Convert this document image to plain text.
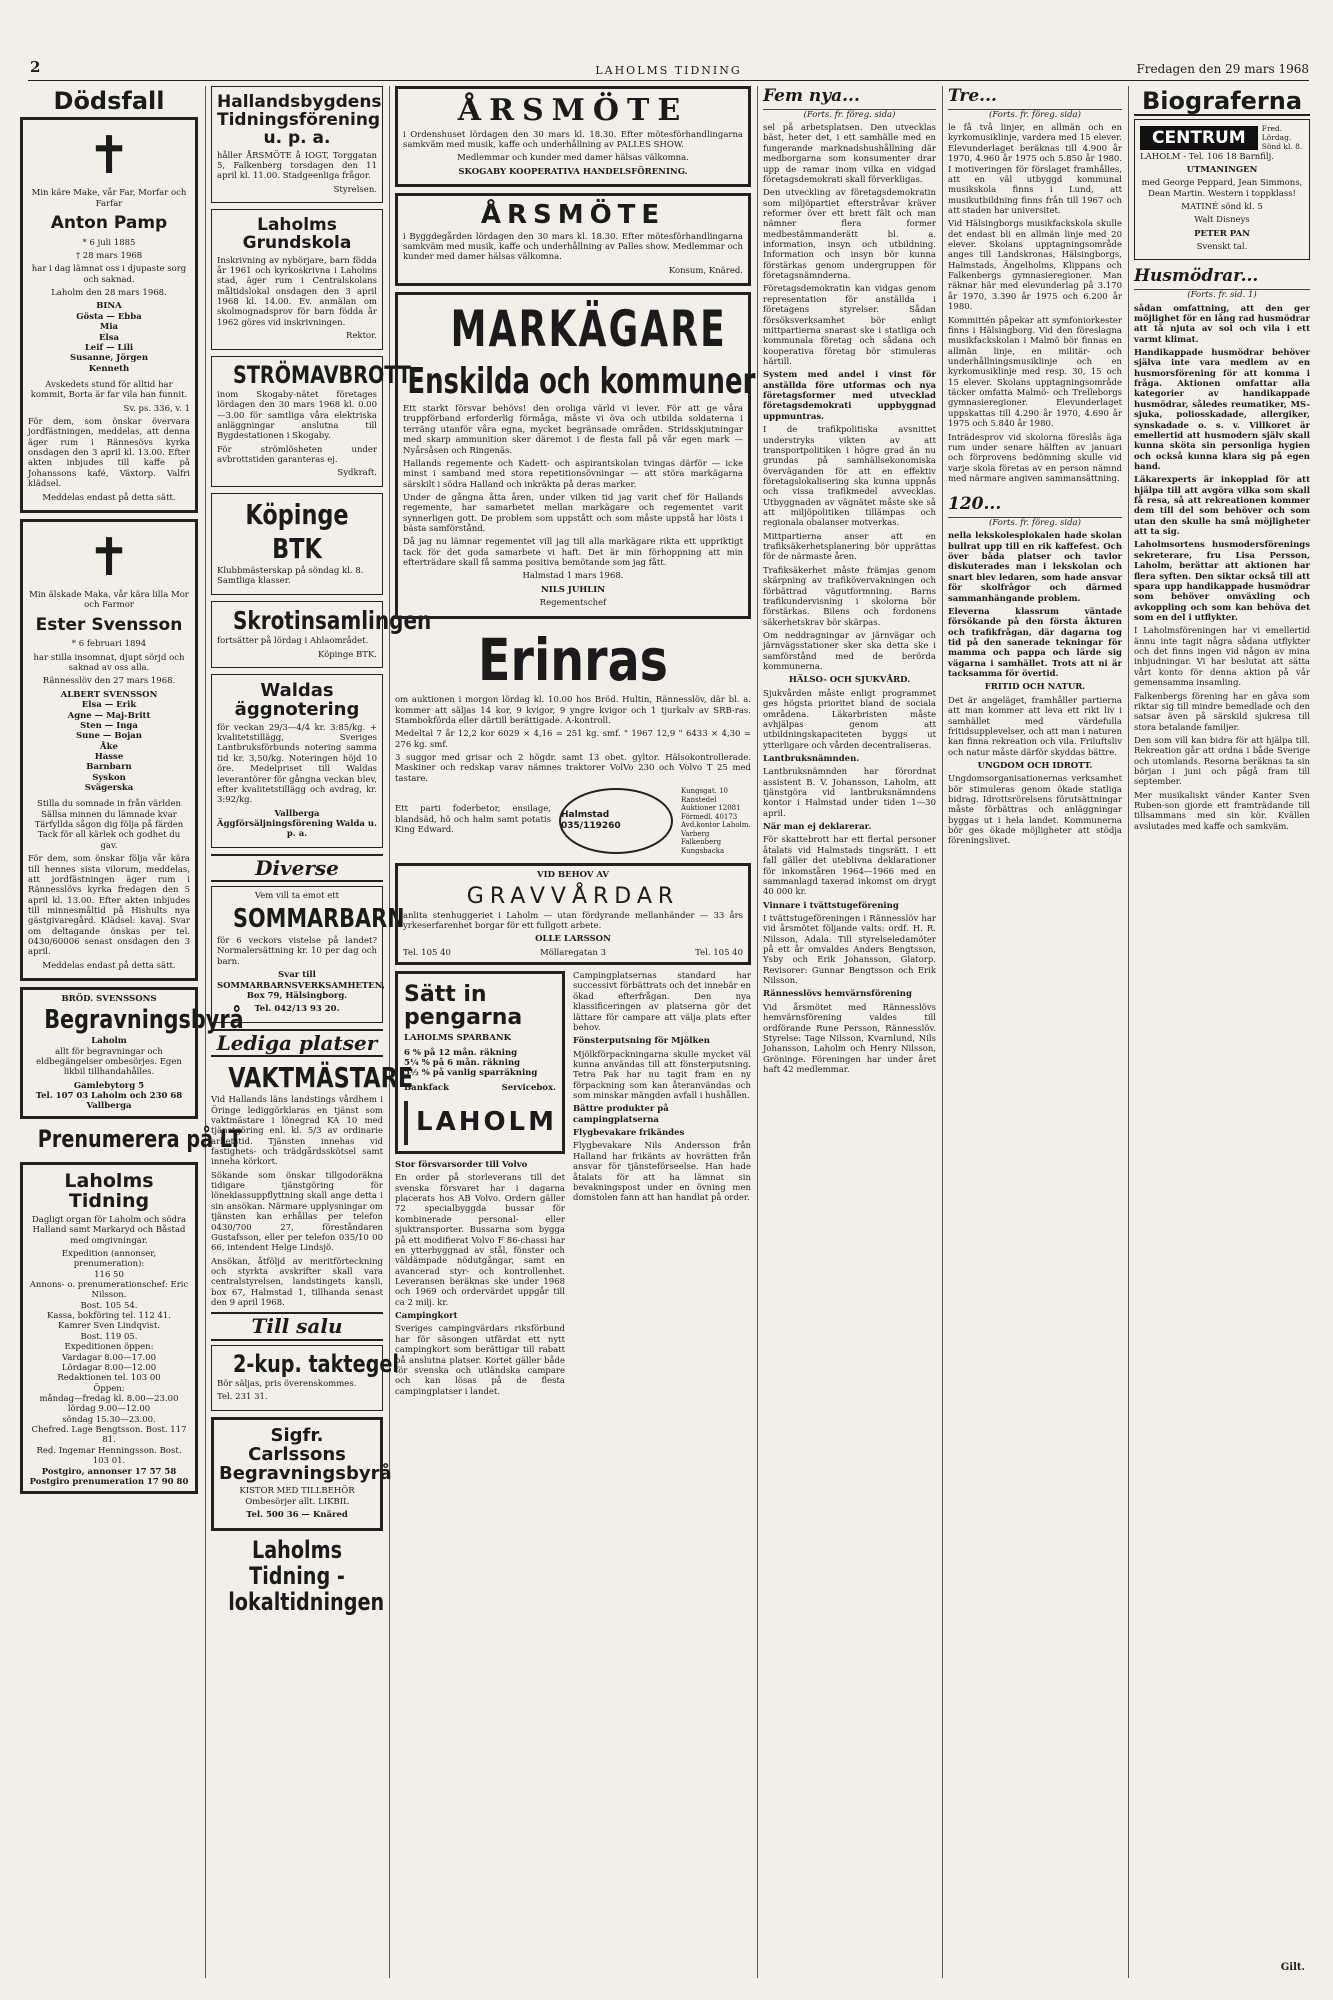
2	LAHOLMS TIDNING	Fredagen den 29 mars 1968
Dödsfall
✝

Min käre Make, vår Far, Morfar och Farfar

Anton Pamp

* 6 juli 1885

† 28 mars 1968

har i dag lämnat oss i djupaste sorg och saknad.

Laholm den 28 mars 1968.

BINA
Gösta — Ebba
Mia
Elsa
Leif — Lili
Susanne, Jörgen
Kenneth

Avskedets stund för alltid har kommit, Borta är far vila han funnit.

Sv. ps. 336, v. 1

För dem, som önskar övervara jordfästningen, meddelas, att denna äger rum i Rännesövs kyrka onsdagen den 3 april kl. 13.00. Efter akten inbjudes till kaffe på Johanssons kafé, Växtorp. Valfri klädsel.

Meddelas endast på detta sätt.

✝

Min älskade Maka, vår kära lilla Mor och Farmor

Ester Svensson

* 6 februari 1894

har stilla insomnat, djupt sörjd och saknad av oss alla.

Rännesslöv den 27 mars 1968.

ALBERT SVENSSON
Elsa — Erik
Agne — Maj-Britt
Sten — Inga
Sune — Bojan
Åke
Hasse
Barnbarn
Syskon
Svägerska

Stilla du somnade in från världen Sällsa minnen du lämnade kvar Tärfyllda sågon dig följa på färden Tack för all kärlek och godhet du gav.

För dem, som önskar följa vår kära till hennes sista vilorum, meddelas, att jordfästningen äger rum i Rännesslövs kyrka fredagen den 5 april kl. 13.00. Efter akten inbjudes till minnesmåltid på Hishults nya gästgivaregård. Klädsel: kavaj. Svar om deltagande önskas per tel. 0430/60006 senast onsdagen den 3 april.

Meddelas endast på detta sätt.

BRÖD. SVENSSONS
Begravningsbyrå
Laholm

allt för begravningar och eldbegängelser ombesörjes. Egen likbil tillhandahålles.

Gamlebytorg 5
Tel. 107 03 Laholm och 230 68 Vallberga
Prenumerera på LT
Laholms Tidning

Dagligt organ för Laholm och södra Halland samt Markaryd och Båstad med omgivningar.

Expedition (annonser, prenumeration):
116 50
Annons- o. prenumerationschef: Eric Nilsson.
Bost. 105 54.
Kassa, bokföring tel. 112 41.
Kamrer Sven Lindqvist.
Bost. 119 05.
Expeditionen öppen:
Vardagar 8.00—17.00
Lördagar 8.00—12.00
Redaktionen tel. 103 00
Öppen:
måndag—fredag kl. 8.00—23.00
lördag 9.00—12.00
söndag 15.30—23.00.
Chefred. Lage Bengtsson. Bost. 117 81.
Red. Ingemar Henningsson. Bost. 103 01.
Postgiro, annonser 17 57 58
Postgiro prenumeration 17 90 80
Hallandsbygdens Tidningsförening u. p. a.

håller ÅRSMÖTE å IOGT, Torggatan 5, Falkenberg torsdagen den 11 april kl. 11.00. Stadgeenliga frågor.

Styrelsen.

Laholms Grundskola

Inskrivning av nybörjare, barn födda år 1961 och kyrkoskrivna i Laholms stad, äger rum i Centralskolans måltidslokal onsdagen den 3 april 1968 kl. 14.00. Ev. anmälan om skolmognadsprov för barn födda år 1962 göres vid inskrivningen.

Rektor.

STRÖMAVBROTT

inom Skogaby-nätet företages lördagen den 30 mars 1968 kl. 0.00—3.00 för samtliga våra elektriska anläggningar anslutna till Bygdestationen i Skogaby.

För strömlösheten under avbrottstiden garanteras ej.

Sydkraft.

Köpinge BTK

Klubbmästerskap på söndag kl. 8. Samtliga klasser.

Skrotinsamlingen

fortsätter på lördag i Ahlaområdet.

Köpinge BTK.

Waldas äggnotering

för veckan 29/3—4/4 kr. 3:85/kg. + kvalitetstillägg, Sveriges Lantbruksförbunds notering samma tid kr. 3,50/kg. Noteringen höjd 10 öre. Medelpriset till Waldas leverantörer för gångna veckan blev, efter kvalitetstillägg och avdrag, kr. 3:92/kg.

Vallberga Äggförsäljningsförening Walda u. p. a.

Diverse

Vem vill ta emot ett

SOMMARBARN

för 6 veckors vistelse på landet? Normalersättning kr. 10 per dag och barn.

Svar till SOMMARBARNSVERKSAMHETEN, Box 79, Hälsingborg.

Tel. 042/13 93 20.

Lediga platser
VAKTMÄSTARE

Vid Hallands läns landstings vårdhem i Öringe lediggörklaras en tjänst som vaktmästare i lönegrad KA 10 med tjänstgöring enl. kl. 5/3 av ordinarie arbetstid. Tjänsten innehas vid fastighets- och trädgårdsskötsel samt inneha körkort.

Sökande som önskar tillgodoräkna tidigare tjänstgöring för löneklassuppflyttning skall ange detta i sin ansökan. Närmare upplysningar om tjänsten kan erhållas per telefon 0430/700 27, föreståndaren Gustafsson, eller per telefon 035/10 00 66, intendent Helge Lindsjö.

Ansökan, åtföljd av meritförteckning och styrkta avskrifter skall vara centralstyrelsen, landstingets kansli, box 67, Halmstad 1, tillhanda senast den 9 april 1968.

Till salu
2-kup. taktegel

Bör säljas, pris överenskommes.

Tel. 231 31.

Sigfr. Carlssons Begravningsbyrå

KISTOR MED TILLBEHÖR Ombesörjer allt. LIKBIL

Tel. 500 36 — Knäred

Laholms Tidning - lokaltidningen
ÅRSMÖTE

i Ordenshuset lördagen den 30 mars kl. 18.30. Efter mötesförhandlingarna samkväm med musik, kaffe och underhållning av PALLES SHOW.

Medlemmar och kunder med damer hälsas välkomna.

SKOGABY KOOPERATIVA HANDELSFÖRENING.

ÅRSMÖTE

i Byggdegården lördagen den 30 mars kl. 18.30. Efter mötesförhandlingarna samkväm med musik, kaffe och underhållning av Palles show. Medlemmar och kunder med damer hälsas välkomna.

Konsum, Knäred.

MARKÄGARE
Enskilda och kommuner

Ett starkt försvar behövs! den oroliga värld vi lever. För att ge våra truppförband erforderlig förmåga, måste vi öva och utbilda soldaterna i terräng utanför våra egna, mycket begränsade områden. Stridsskjutningar med skarp ammunition sker däremot i de flesta fall på vår egen mark — Nyårsåsen och Ringenäs.

Hallands regemente och Kadett- och aspirantskolan tvingas därför — icke minst i samband med stora repetitionsövningar — att störa markägarna särskilt i södra Halland och inkräkta på deras marker.

Under de gångna åtta åren, under vilken tid jag varit chef för Hallands regemente, har samarbetet mellan markägare och regementet varit synnerligen gott. De problem som uppstått och som måste uppstå har lösts i bästa samförstånd.

Då jag nu lämnar regementet vill jag till alla markägare rikta ett uppriktigt tack för det goda samarbete vi haft. Det är min förhoppning att min efterträdare skall få samma positiva bemötande som jag fått.

Halmstad 1 mars 1968.

NILS JUHLIN

Regementschef

Erinras

om auktionen i morgon lördag kl. 10.00 hos Bröd. Hultin, Rännesslöv, där bl. a. kommer att säljas 14 kor, 9 kvigor, 9 yngre kvigor och 1 tjurkalv av SRB-ras. Stambokförda eller därtill berättigade. A-kontroll.

Medeltal 7 år 12,2 kor 6029 × 4,16 = 251 kg. smf. " 1967 12,9 " 6433 × 4,30 = 276 kg. smf.

3 suggor med grisar och 2 högdr. samt 13 obet. gyltor. Hälsokontrollerade. Maskiner och redskap varav nämnes traktorer VolVo 230 och Volvo T 25 med tastare.

Ett parti foderbetor, ensilage, blandsäd, hö och halm samt potatis King Edward.

Halmstad 035/119260
Kungsgat. 10 Ranstedel Auktioner 12081 Förmedl. 40173 Avd.kontor Laholm. Varberg Falkenberg Kungsbacka

VID BEHOV AV

GRAVVÅRDAR

anlita stenhuggeriet i Laholm — utan fördyrande mellanhänder — 33 års yrkeserfarenhet borgar för ett fullgott arbete.

OLLE LARSSON

Tel. 105 40	Möllaregatan 3	Tel. 105 40
Sätt in pengarna
LAHOLMS SPARBANK
6 % på 12 mån. räkning
5¼ % på 6 mån. räkning
5½ % på vanlig sparräkning
Bankfack	Servicebox.
LAHOLM

Stor försvarsorder till Volvo

En order på storleverans till det svenska försvaret har i dagarna placerats hos AB Volvo. Ordern gäller 72 specialbyggda bussar för kombinerade personal- eller sjuktransporter. Bussarna som bygga på ett modifierat Volvo F 86-chassi har en ytterbyggnad av stål, fönster och väldämpade nödutgångar, samt en avancerad styr- och kontrollenhet. Leveransen beräknas ske under 1968 och 1969 och ordervärdet uppgår till ca 2 milj. kr.

Campingkort

Sveriges campingvärdars riksförbund har för säsongen utfärdat ett nytt campingkort som berättigar till rabatt på anslutna platser. Kortet gäller både för svenska och utländska campare och kan lösas på de flesta campingplatser i landet.

Campingplatsernas standard har successivt förbättrats och det innebär en ökad efterfrågan. Den nya klassificeringen av platserna gör det lättare för campare att välja plats efter behov.

Fönsterputsning för Mjölken

Mjölkförpackningarna skulle mycket väl kunna användas till att fönsterputsning. Tetra Pak har nu tagit fram en ny förpackning som kan återanvändas och som minskar mängden avfall i hushållen.

Bättre produkter på campingplatserna

Flygbevakare frikändes

Flygbevakare Nils Andersson från Halland har frikänts av hovrätten från ansvar för tjänsteförseelse. Han hade åtalats för att ha lämnat sin bevakningspost under en övning men domstolen fann att han handlat på order.

Fem nya...
(Forts. fr. föreg. sida)

sel på arbetsplatsen. Den utvecklas bäst, heter det, i ett samhälle med en fungerande marknadshushållning där medborgarna som konsumenter drar upp de ramar inom vilka en vidgad företagsdemokrati skall förverkligas.

Den utveckling av företagsdemokratin som miljöpartiet efterstråvar kräver reformer över ett brett fält och man nämner flera former medbestämmanderätt bl. a. information, insyn och utbildning. Information och insyn bör kunna förstärkas genom undergruppen för företagsnämnderna.

Företagsdemokratin kan vidgas genom representation för anställda i företagens styrelser. Sådan försöksverksamhet bör enligt mittpartierna snarast ske i statliga och kommunala företag och sådana och kooperativa företag bör stimuleras härtill.

System med andel i vinst för anställda före utformas och nya företagsformer med utvecklad företagsdemokrati uppbyggnad uppmuntras.

I de trafikpolitiska avsnittet understryks vikten av att transportpolitiken i högre grad än nu grundas på samhällsekonomiska överväganden för att en effektiv företagslokalisering ska kunna uppnås och vissa trafikmedel avvecklas. Utbyggnaden av vägnätet måste ske så att miljöpolitiken tillämpas och regionala obalanser motverkas.

Mittpartierna anser att en trafiksäkerhetsplanering bör upprättas för de närmaste åren.

Trafiksäkerhet måste främjas genom skärpning av trafikövervakningen och förbättrad vägutformning. Barns trafikundervisning i skolorna bör förstärkas. Bilens och fordonens säkerhetskrav bör skärpas.

Om neddragningar av järnvägar och järnvägsstationer sker ska detta ske i samförstånd med de berörda kommunerna.

HÄLSO- OCH SJUKVÅRD.

Sjukvården måste enligt programmet ges högsta prioritet bland de sociala områdena. Läkarbristen måste avhjälpas genom att utbildningskapaciteten byggs ut ytterligare och vården decentraliseras.

Lantbruksnämnden.

Lantbruksnämnden har förordnat assistent B. V. Johansson, Laholm, att tjänstgöra vid lantbruksnämndens kontor i Halmstad under tiden 1—30 april.

När man ej deklarerar.

För skattebrott har ett flertal personer åtalats vid Halmstads tingsrätt. I ett fall gäller det uteblivna deklarationer för inkomståren 1964—1966 med en sammanlagd taxerad inkomst om drygt 40 000 kr.

Vinnare i tvättstugeförening

I tvättstugeföreningen i Rännesslöv har vid årsmötet följande valts: ordf. H. R. Nilsson, Adala. Till styrelseledamöter på ett år omvaldes Anders Bengtsson, Ysby och Erik Johansson, Glatorp. Revisorer: Gunnar Bengtsson och Erik Nilsson.

Rännesslövs hemvärnsförening

Vid årsmötet med Rännesslövs hemvärnsförening valdes till ordförande Rune Persson, Rännesslöv. Styrelse: Tage Nilsson, Kvarnlund, Nils Johansson, Laholm och Henry Nilsson, Gröninge. Föreningen har under året haft 42 medlemmar.

Tre...
(Forts. fr. föreg. sida)

le få två linjer, en allmän och en kyrkomusiklinje, varderа med 15 elever. Elevunderlaget beräknas till 4.900 år 1970, 4.960 år 1975 och 5.850 år 1980. I motiveringen för förslaget framhålles, att en väl utbyggd kommunal musikskola finns i Lund, att musikutbildning finns från till 1967 och att staden har universitet.

Vid Hälsingborgs musikfackskola skulle det endast bli en allmän linje med 20 elever. Skolans upptagningsområde anges till Landskronas, Hälsingborgs, Halmstads, Ängelholms, Klippans och Falkenbergs gymnasieregioner. Man räknar här med elevunderlag på 3.170 år 1970, 3.390 år 1975 och 6.200 år 1980.

Kommittén påpekar att symfoniorkester finns i Hälsingborg. Vid den föreslagna musikfackskolan i Malmö bör finnas en allmän linje, en militär- och underhållningsmusiklinje och en kyrkomusiklinje med resp. 30, 15 och 15 elever. Skolans upptagningsområde täcker omfatta Malmö- och Trelleborgs gymnasieregioner. Elevunderlaget uppskattas till 4.290 år 1970, 4.690 år 1975 och 5.840 år 1980.

Inträdesprov vid skolorna föreslås äga rum under senare hälften av januari och förprovens bedömning skulle vid varje skola företas av en person nämnd med närmare angiven sammansättning.

120...
(Forts. fr. föreg. sida)

nella lekskolesplokalen hade skolan bullrat upp till en rik kaffefest. Och över båda platser och tavlor diskuterades man i lekskolan och snart blev ledaren, som hade ansvar för skolfrågor och därmed sammanhängande problem.

Eleverna klassrum väntade försökande på den första åkturen och trafikfrågan, där dagarna tog tid på den sanerade tekningar för mamma och pappa och lärde sig vägarna i samhället. Trots att ni är tacksamma för övertid.

FRITID OCH NATUR.

Det är angeläget, framhåller partierna att man kommer att leva ett rikt liv i samhället med värdefulla fritidsupplevelser, och att man i naturen kan finna rekreation och vila. Friluftsliv och natur måste därför skyddas bättre.

UNGDOM OCH IDROTT.

Ungdomsorganisationernas verksamhet bör stimuleras genom ökade statliga bidrag. Idrottsrörelsens förutsättningar måste förbättras och anläggningar byggas ut i hela landet. Kommunerna bör ges ökade möjligheter att stödja föreningslivet.

Biograferna
CENTRUM	Fred. Lördag. Sönd kl. 8.

LAHOLM - Tel. 106 18 Barnfilj.

UTMANINGEN

med George Peppard, Jean Simmons, Dean Martin. Western i toppklass!

MATINÉ sönd kl. 5

Walt Disneys

PETER PAN

Svenskt tal.

Husmödrar...
(Forts. fr. sid. 1)

sådan omfattning, att den ger möjlighet för en lång rad husmödrar att tå njuta av sol och vila i ett varmt klimat.

Handikappade husmödrar behöver själva inte vara medlem av en husmorsförening för att komma i fråga. Aktionen omfattar alla kategorier av handikappade husmödrar, således reumatiker, MS-sjuka, poliosskadade, allergiker, synskadade o. s. v. Villkoret är emellertid att husmodern själv skall kunna sköta sin personliga hygien och också kunna klara sig på egen hand.

Läkarexperts är inkopplad för att hjälpa till att avgöra vilka som skall få resa, så att rekreationen kommer dem till del som behöver och som utan den skulle ha små möjligheter att ta sig.

Laholmsortens husmodersförenings sekreterare, fru Lisa Persson, Laholm, berättar att aktionen har flera syften. Den siktar också till att spara upp handikappade husmödrar som behöver omväxling och avkoppling och som kan behöva det som en del i utflykter.

I Laholmsföreningen har vi emellertid ännu inte tagit några sådana utflykter och det finns ingen vid någon av mina inbjudningar. Vi har beslutat att sätta vårt konto för denna aktion på vår gemensamma insamling.

Falkenbergs förening har en gåva som riktar sig till mindre bemedlade och den satsar även på särskild sjukresa till stora betalande familjer.

Den som vill kan bidra för att hjälpa till. Rekreation går att ordna i både Sverige och utomlands. Resorna beräknas ta sin början i juni och pågå fram till september.

Mer musikaliskt vänder Kanter Sven Ruben-son gjorde ett framträdande till tillsammans med sin kör. Kvällen avslutades med kaffe och samkväm.

Gilt.
